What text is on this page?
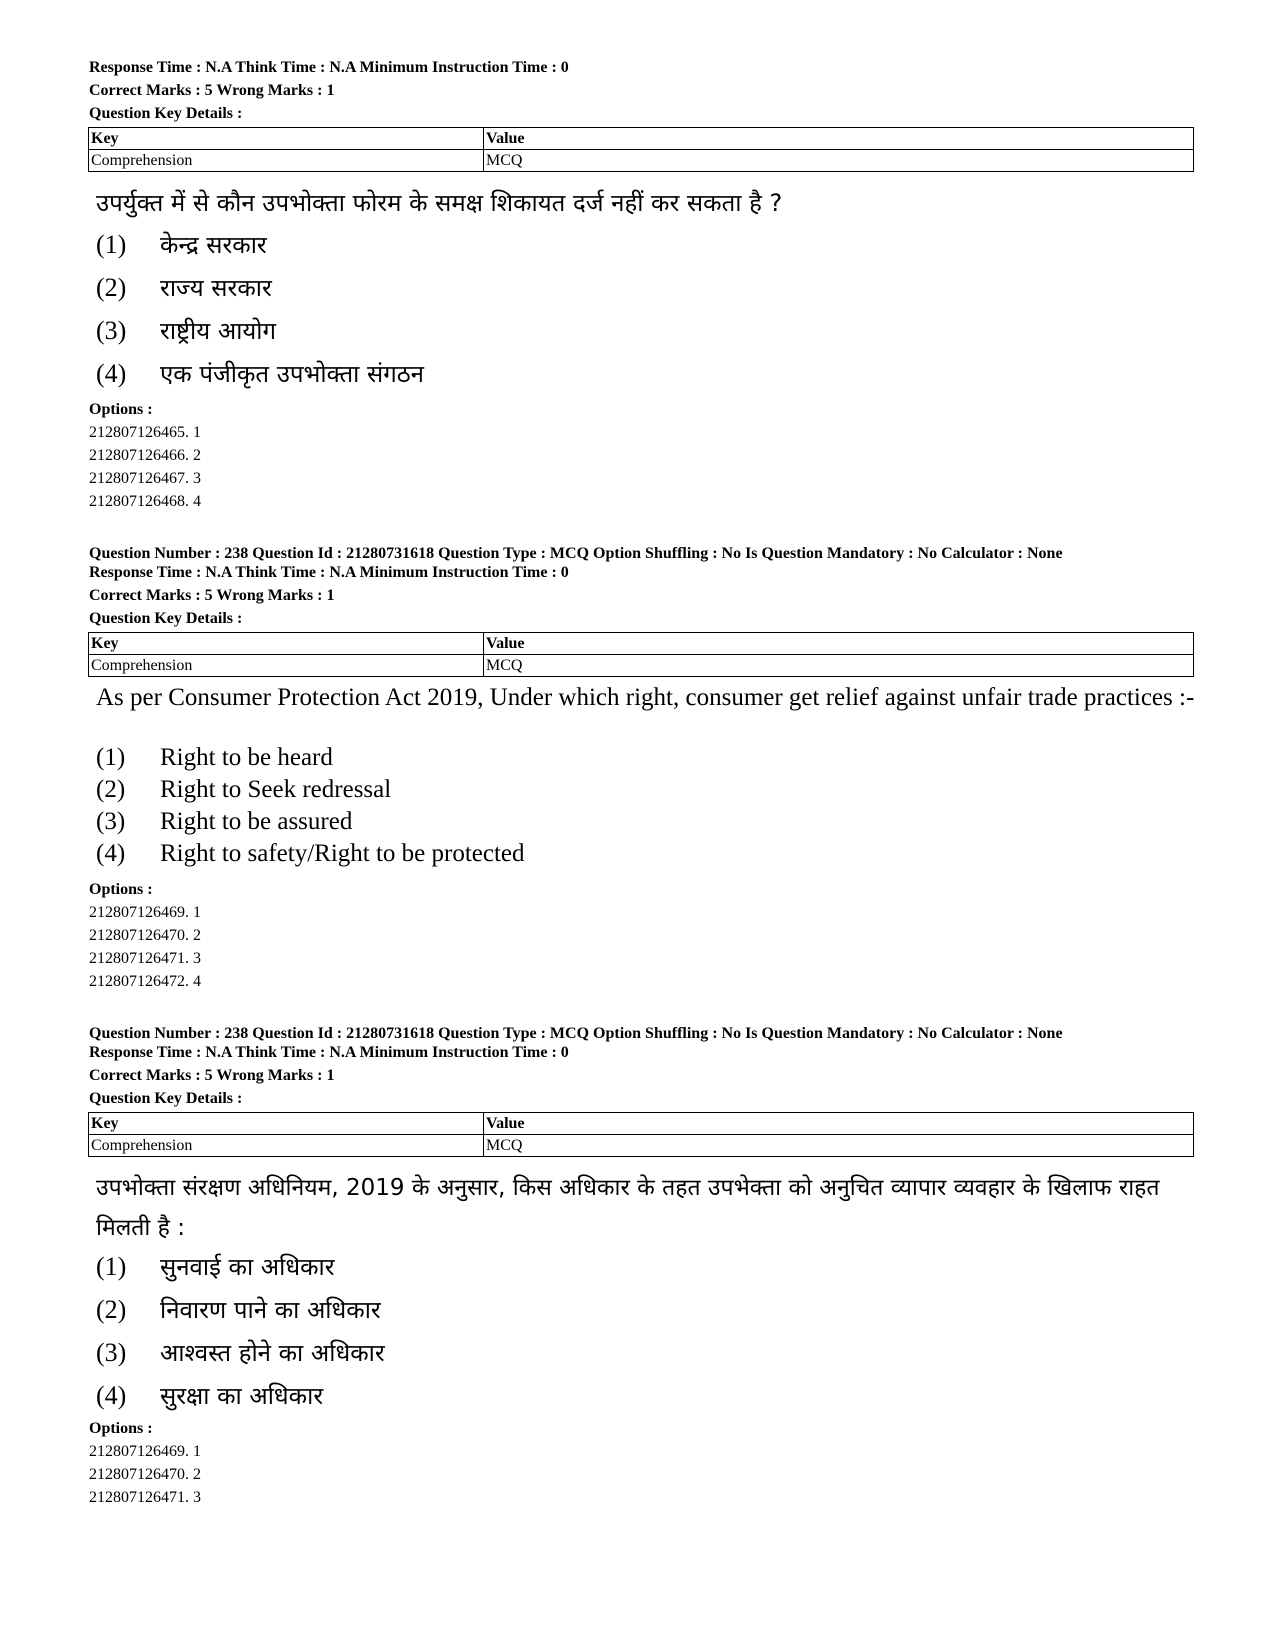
Response Time : N.A Think Time : N.A Minimum Instruction Time : 0
Correct Marks : 5 Wrong Marks : 1
Question Key Details :
Key	Value
Comprehension	MCQ
उपर्युक्त में से कौन उपभोक्ता फोरम के समक्ष शिकायत दर्ज नहीं कर सकता है ?
(1) केन्द्र सरकार
(2) राज्य सरकार
(3) राष्ट्रीय आयोग
(4) एक पंजीकृत उपभोक्ता संगठन
Options :
212807126465. 1
212807126466. 2
212807126467. 3
212807126468. 4
Question Number : 238 Question Id : 21280731618 Question Type : MCQ Option Shuffling : No Is Question Mandatory : No Calculator : None
Response Time : N.A Think Time : N.A Minimum Instruction Time : 0
Correct Marks : 5 Wrong Marks : 1
Question Key Details :
Key	Value
Comprehension	MCQ
As per Consumer Protection Act 2019, Under which right, consumer get relief against unfair trade practices :-
(1) Right to be heard
(2) Right to Seek redressal
(3) Right to be assured
(4) Right to safety/Right to be protected
Options :
212807126469. 1
212807126470. 2
212807126471. 3
212807126472. 4
Question Number : 238 Question Id : 21280731618 Question Type : MCQ Option Shuffling : No Is Question Mandatory : No Calculator : None
Response Time : N.A Think Time : N.A Minimum Instruction Time : 0
Correct Marks : 5 Wrong Marks : 1
Question Key Details :
Key	Value
Comprehension	MCQ
उपभोक्ता संरक्षण अधिनियम, 2019 के अनुसार, किस अधिकार के तहत उपभेक्ता को अनुचित व्यापार व्यवहार के खिलाफ राहत मिलती है :
(1) सुनवाई का अधिकार
(2) निवारण पाने का अधिकार
(3) आश्वस्त होने का अधिकार
(4) सुरक्षा का अधिकार
Options :
212807126469. 1
212807126470. 2
212807126471. 3
